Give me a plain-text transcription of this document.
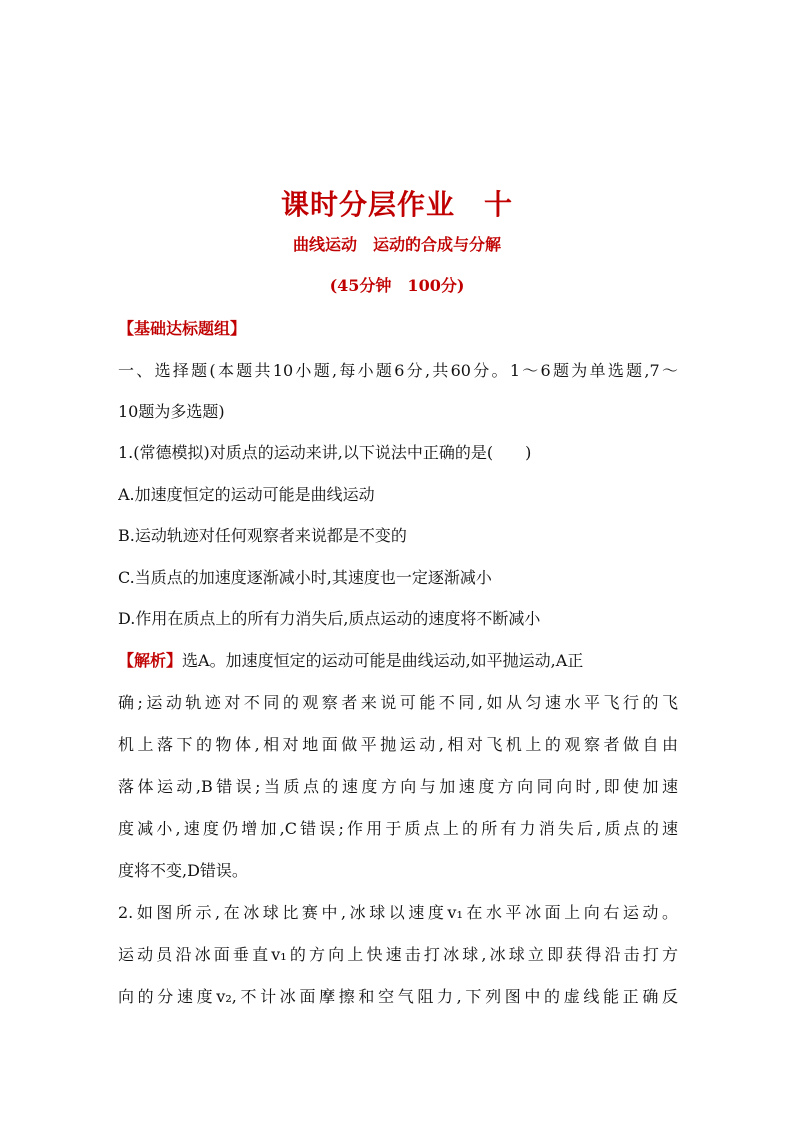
课时分层作业　十
曲线运动　运动的合成与分解
(45分钟　100分)
【基础达标题组】
一、选择题(本题共10小题,每小题6分,共60分。1～6题为单选题,7～
10题为多选题)
1.(常德模拟)对质点的运动来讲,以下说法中正确的是(　　)
A.加速度恒定的运动可能是曲线运动
B.运动轨迹对任何观察者来说都是不变的
C.当质点的加速度逐渐减小时,其速度也一定逐渐减小
D.作用在质点上的所有力消失后,质点运动的速度将不断减小
【解析】选A。加速度恒定的运动可能是曲线运动,如平抛运动,A正
确;运动轨迹对不同的观察者来说可能不同,如从匀速水平飞行的飞
机上落下的物体,相对地面做平抛运动,相对飞机上的观察者做自由
落体运动,B错误;当质点的速度方向与加速度方向同向时,即使加速
度减小,速度仍增加,C错误;作用于质点上的所有力消失后,质点的速
度将不变,D错误。
2.如图所示,在冰球比赛中,冰球以速度v₁在水平冰面上向右运动。
运动员沿冰面垂直v₁的方向上快速击打冰球,冰球立即获得沿击打方
向的分速度v₂,不计冰面摩擦和空气阻力,下列图中的虚线能正确反
